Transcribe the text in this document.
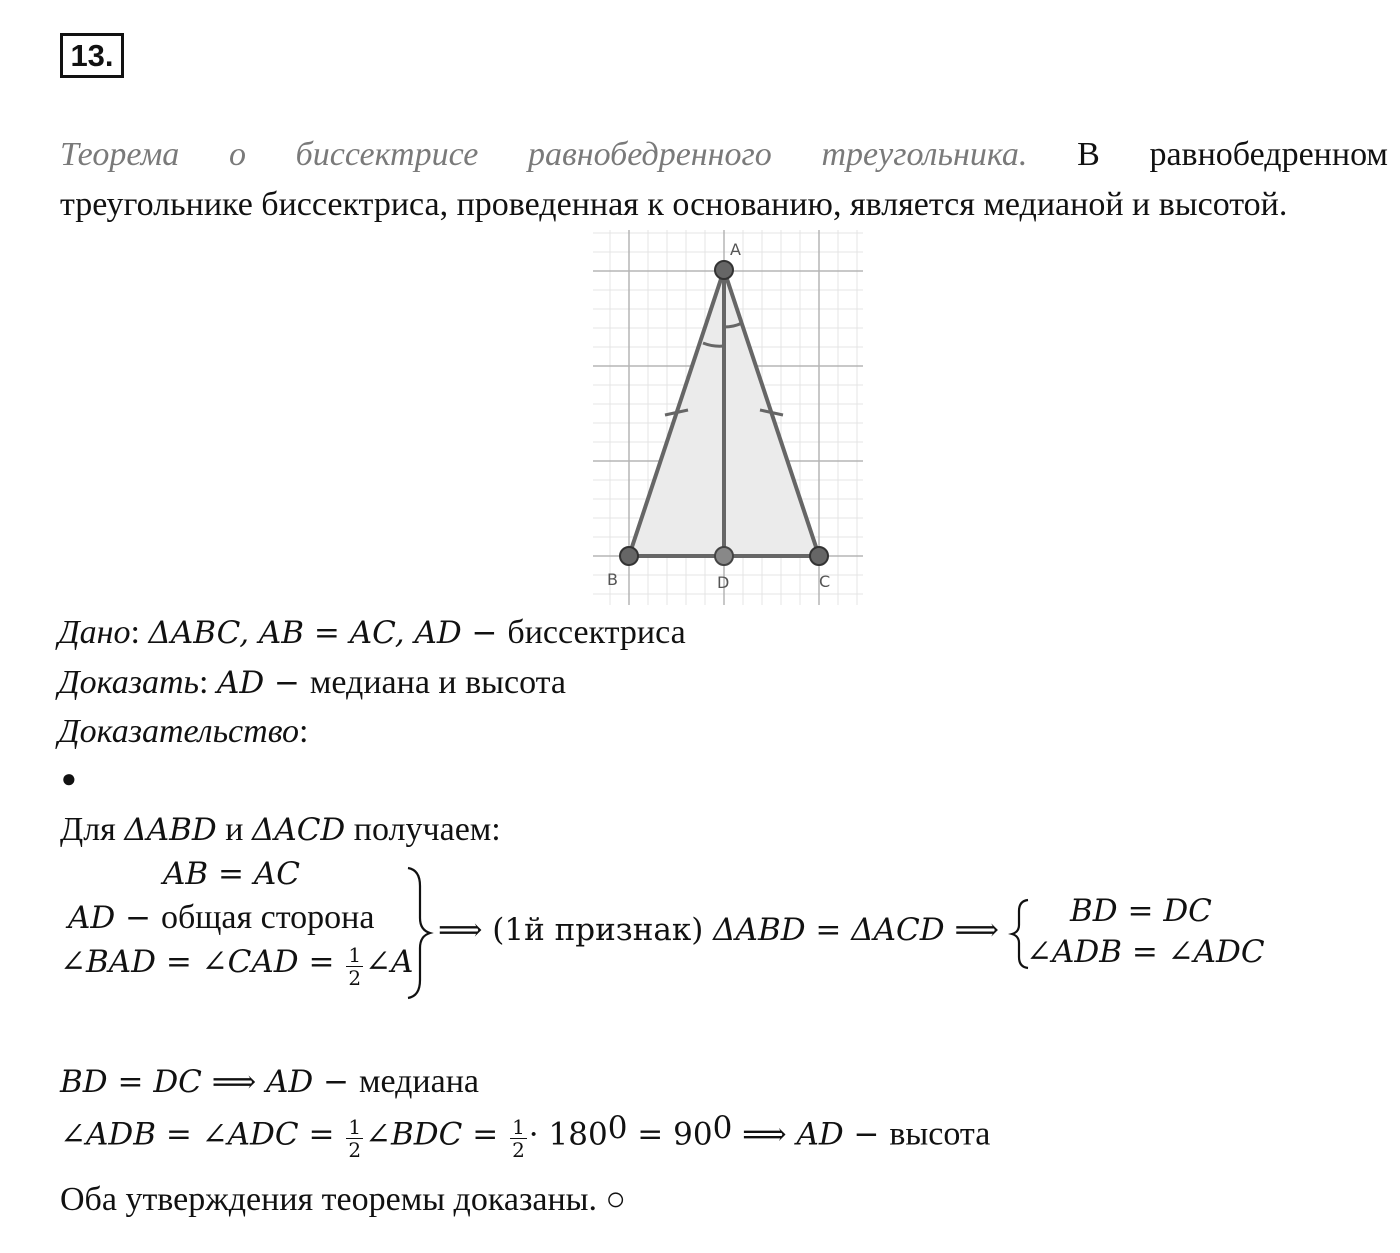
13.
Теорема о биссектрисе равнобедренного треугольника. В равнобедренном
треугольнике биссектриса, проведенная к основанию, является медианой и высотой.
A
B	C
D
Дано: ΔABC, AB = AC, AD − биссектриса
Доказать: AD − медиана и высота
Доказательство:
●
Для ΔABD и ΔACD получаем:
AB = AC
AD − общая сторона
∠BAD = ∠CAD = $\frac{1}{2}$ ∠A
⟹ (1й признак) ΔABD = ΔACD ⟹
BD = DC
∠ADB = ∠ADC
BD = DC ⟹ AD − медиана
∠ADB = ∠ADC = $\frac{1}{2}$ ∠BDC = $\frac{1}{2} \cdot 180^0 = 90^0$ ⟹ AD − высота
Оба утверждения теоремы доказаны. ○
